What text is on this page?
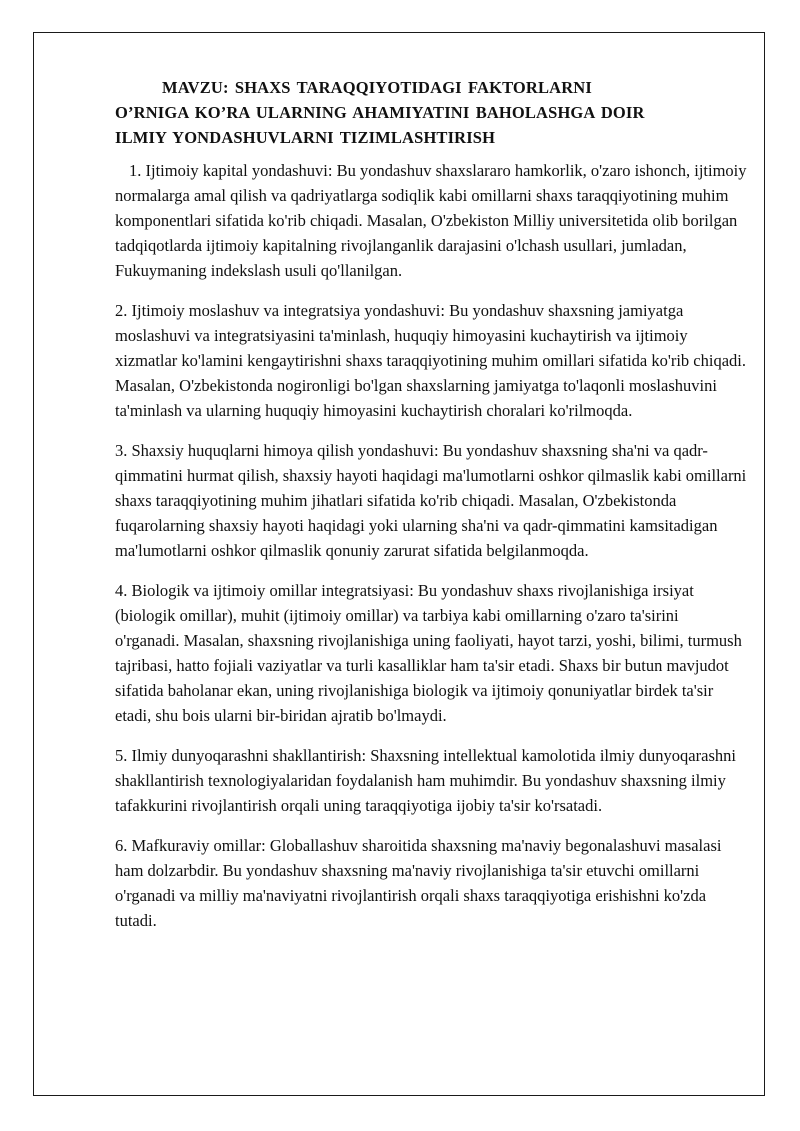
MAVZU: SHAXS TARAQQIYOTIDAGI FAKTORLARNI
O’RNIGA KO’RA ULARNING AHAMIYATINI BAHOLASHGA DOIR
ILMIY YONDASHUVLARNI TIZIMLASHTIRISH

1. Ijtimoiy kapital yondashuvi: Bu yondashuv shaxslararo hamkorlik, o'zaro ishonch, ijtimoiy normalarga amal qilish va qadriyatlarga sodiqlik kabi omillarni shaxs taraqqiyotining muhim komponentlari sifatida ko'rib chiqadi. Masalan, O'zbekiston Milliy universitetida olib borilgan tadqiqotlarda ijtimoiy kapitalning rivojlanganlik darajasini o'lchash usullari, jumladan, Fukuymaning indekslash usuli qo'llanilgan.

2. Ijtimoiy moslashuv va integratsiya yondashuvi: Bu yondashuv shaxsning jamiyatga moslashuvi va integratsiyasini ta'minlash, huquqiy himoyasini kuchaytirish va ijtimoiy xizmatlar ko'lamini kengaytirishni shaxs taraqqiyotining muhim omillari sifatida ko'rib chiqadi. Masalan, O'zbekistonda nogironligi bo'lgan shaxslarning jamiyatga to'laqonli moslashuvini ta'minlash va ularning huquqiy himoyasini kuchaytirish choralari ko'rilmoqda.

3. Shaxsiy huquqlarni himoya qilish yondashuvi: Bu yondashuv shaxsning sha'ni va qadr-qimmatini hurmat qilish, shaxsiy hayoti haqidagi ma'lumotlarni oshkor qilmaslik kabi omillarni shaxs taraqqiyotining muhim jihatlari sifatida ko'rib chiqadi. Masalan, O'zbekistonda fuqarolarning shaxsiy hayoti haqidagi yoki ularning sha'ni va qadr-qimmatini kamsitadigan ma'lumotlarni oshkor qilmaslik qonuniy zarurat sifatida belgilanmoqda.

4. Biologik va ijtimoiy omillar integratsiyasi: Bu yondashuv shaxs rivojlanishiga irsiyat (biologik omillar), muhit (ijtimoiy omillar) va tarbiya kabi omillarning o'zaro ta'sirini o'rganadi. Masalan, shaxsning rivojlanishiga uning faoliyati, hayot tarzi, yoshi, bilimi, turmush tajribasi, hatto fojiali vaziyatlar va turli kasalliklar ham ta'sir etadi. Shaxs bir butun mavjudot sifatida baholanar ekan, uning rivojlanishiga biologik va ijtimoiy qonuniyatlar birdek ta'sir etadi, shu bois ularni bir-biridan ajratib bo'lmaydi.

5. Ilmiy dunyoqarashni shakllantirish: Shaxsning intellektual kamolotida ilmiy dunyoqarashni shakllantirish texnologiyalaridan foydalanish ham muhimdir. Bu yondashuv shaxsning ilmiy tafakkurini rivojlantirish orqali uning taraqqiyotiga ijobiy ta'sir ko'rsatadi.

6. Mafkuraviy omillar: Globallashuv sharoitida shaxsning ma'naviy begonalashuvi masalasi ham dolzarbdir. Bu yondashuv shaxsning ma'naviy rivojlanishiga ta'sir etuvchi omillarni o'rganadi va milliy ma'naviyatni rivojlantirish orqali shaxs taraqqiyotiga erishishni ko'zda tutadi.
